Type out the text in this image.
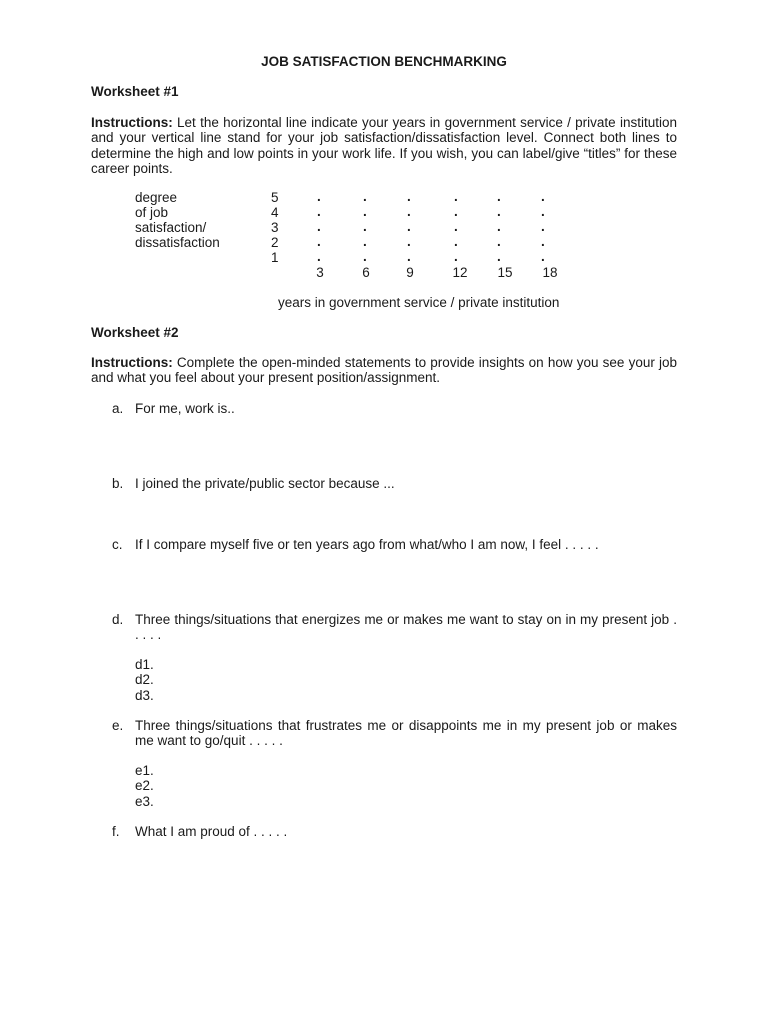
JOB SATISFACTION BENCHMARKING
Worksheet #1
Instructions: Let the horizontal line indicate your years in government service / private institution and your vertical line stand for your job satisfaction/dissatisfaction level. Connect both lines to determine the high and low points in your work life. If you wish, you can label/give “titles” for these career points.
degree
of job
satisfaction/
dissatisfaction
5
4
3
2
1
.	.	.	.	.	.
.	.	.	.	.	.
.	.	.	.	.	.
.	.	.	.	.	.
.	.	.	.	.	.
3	6	9	12	15	18
years in government service / private institution
Worksheet #2
Instructions: Complete the open-minded statements to provide insights on how you see your job and what you feel about your present position/assignment.
a. For me, work is..
b. I joined the private/public sector because ...
c. If I compare myself five or ten years ago from what/who I am now, I feel . . . . .
d. Three things/situations that energizes me or makes me want to stay on in my present job . . . . .
d1.
d2.
d3.
e. Three things/situations that frustrates me or disappoints me in my present job or makes me want to go/quit . . . . .
e1.
e2.
e3.
f. What I am proud of . . . . .
